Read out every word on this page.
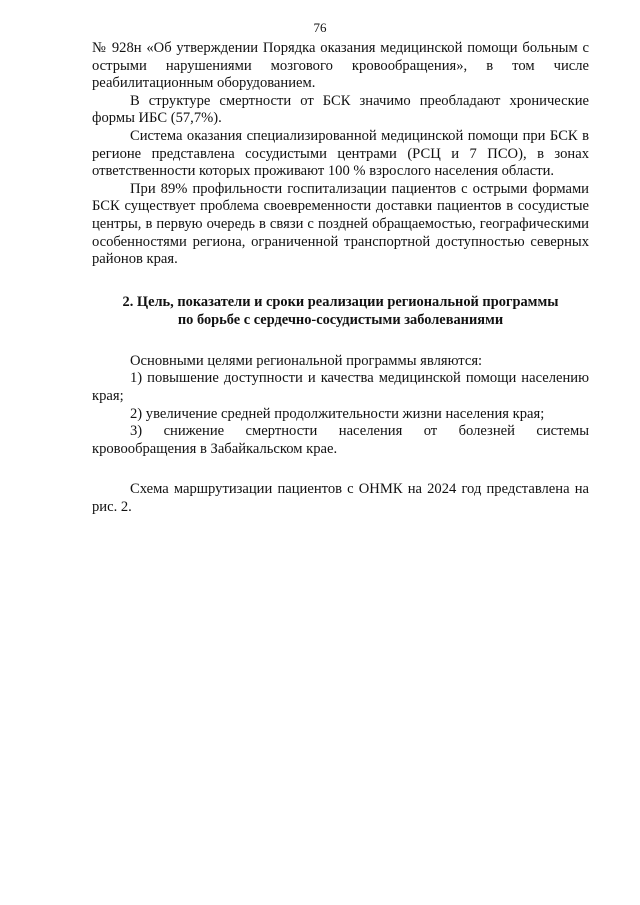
76

№ 928н «Об утверждении Порядка оказания медицинской помощи больным с острыми нарушениями мозгового кровообращения», в том числе реабилитационным оборудованием.

В структуре смертности от БСК значимо преобладают хронические формы ИБС (57,7%).

Система оказания специализированной медицинской помощи при БСК в регионе представлена сосудистыми центрами (РСЦ и 7 ПСО), в зонах ответственности которых проживают 100 % взрослого населения области.

При 89% профильности госпитализации пациентов с острыми формами БСК существует проблема своевременности доставки пациентов в сосудистые центры, в первую очередь в связи с поздней обращаемостью, географическими особенностями региона, ограниченной транспортной доступностью северных районов края.

2. Цель, показатели и сроки реализации региональной программы
по борьбе с сердечно-сосудистыми заболеваниями

Основными целями региональной программы являются:

1) повышение доступности и качества медицинской помощи населению края;

2) увеличение средней продолжительности жизни населения края;

3) снижение смертности населения от болезней системы кровообращения в Забайкальском крае.

Схема маршрутизации пациентов с ОНМК на 2024 год представлена на рис. 2.
